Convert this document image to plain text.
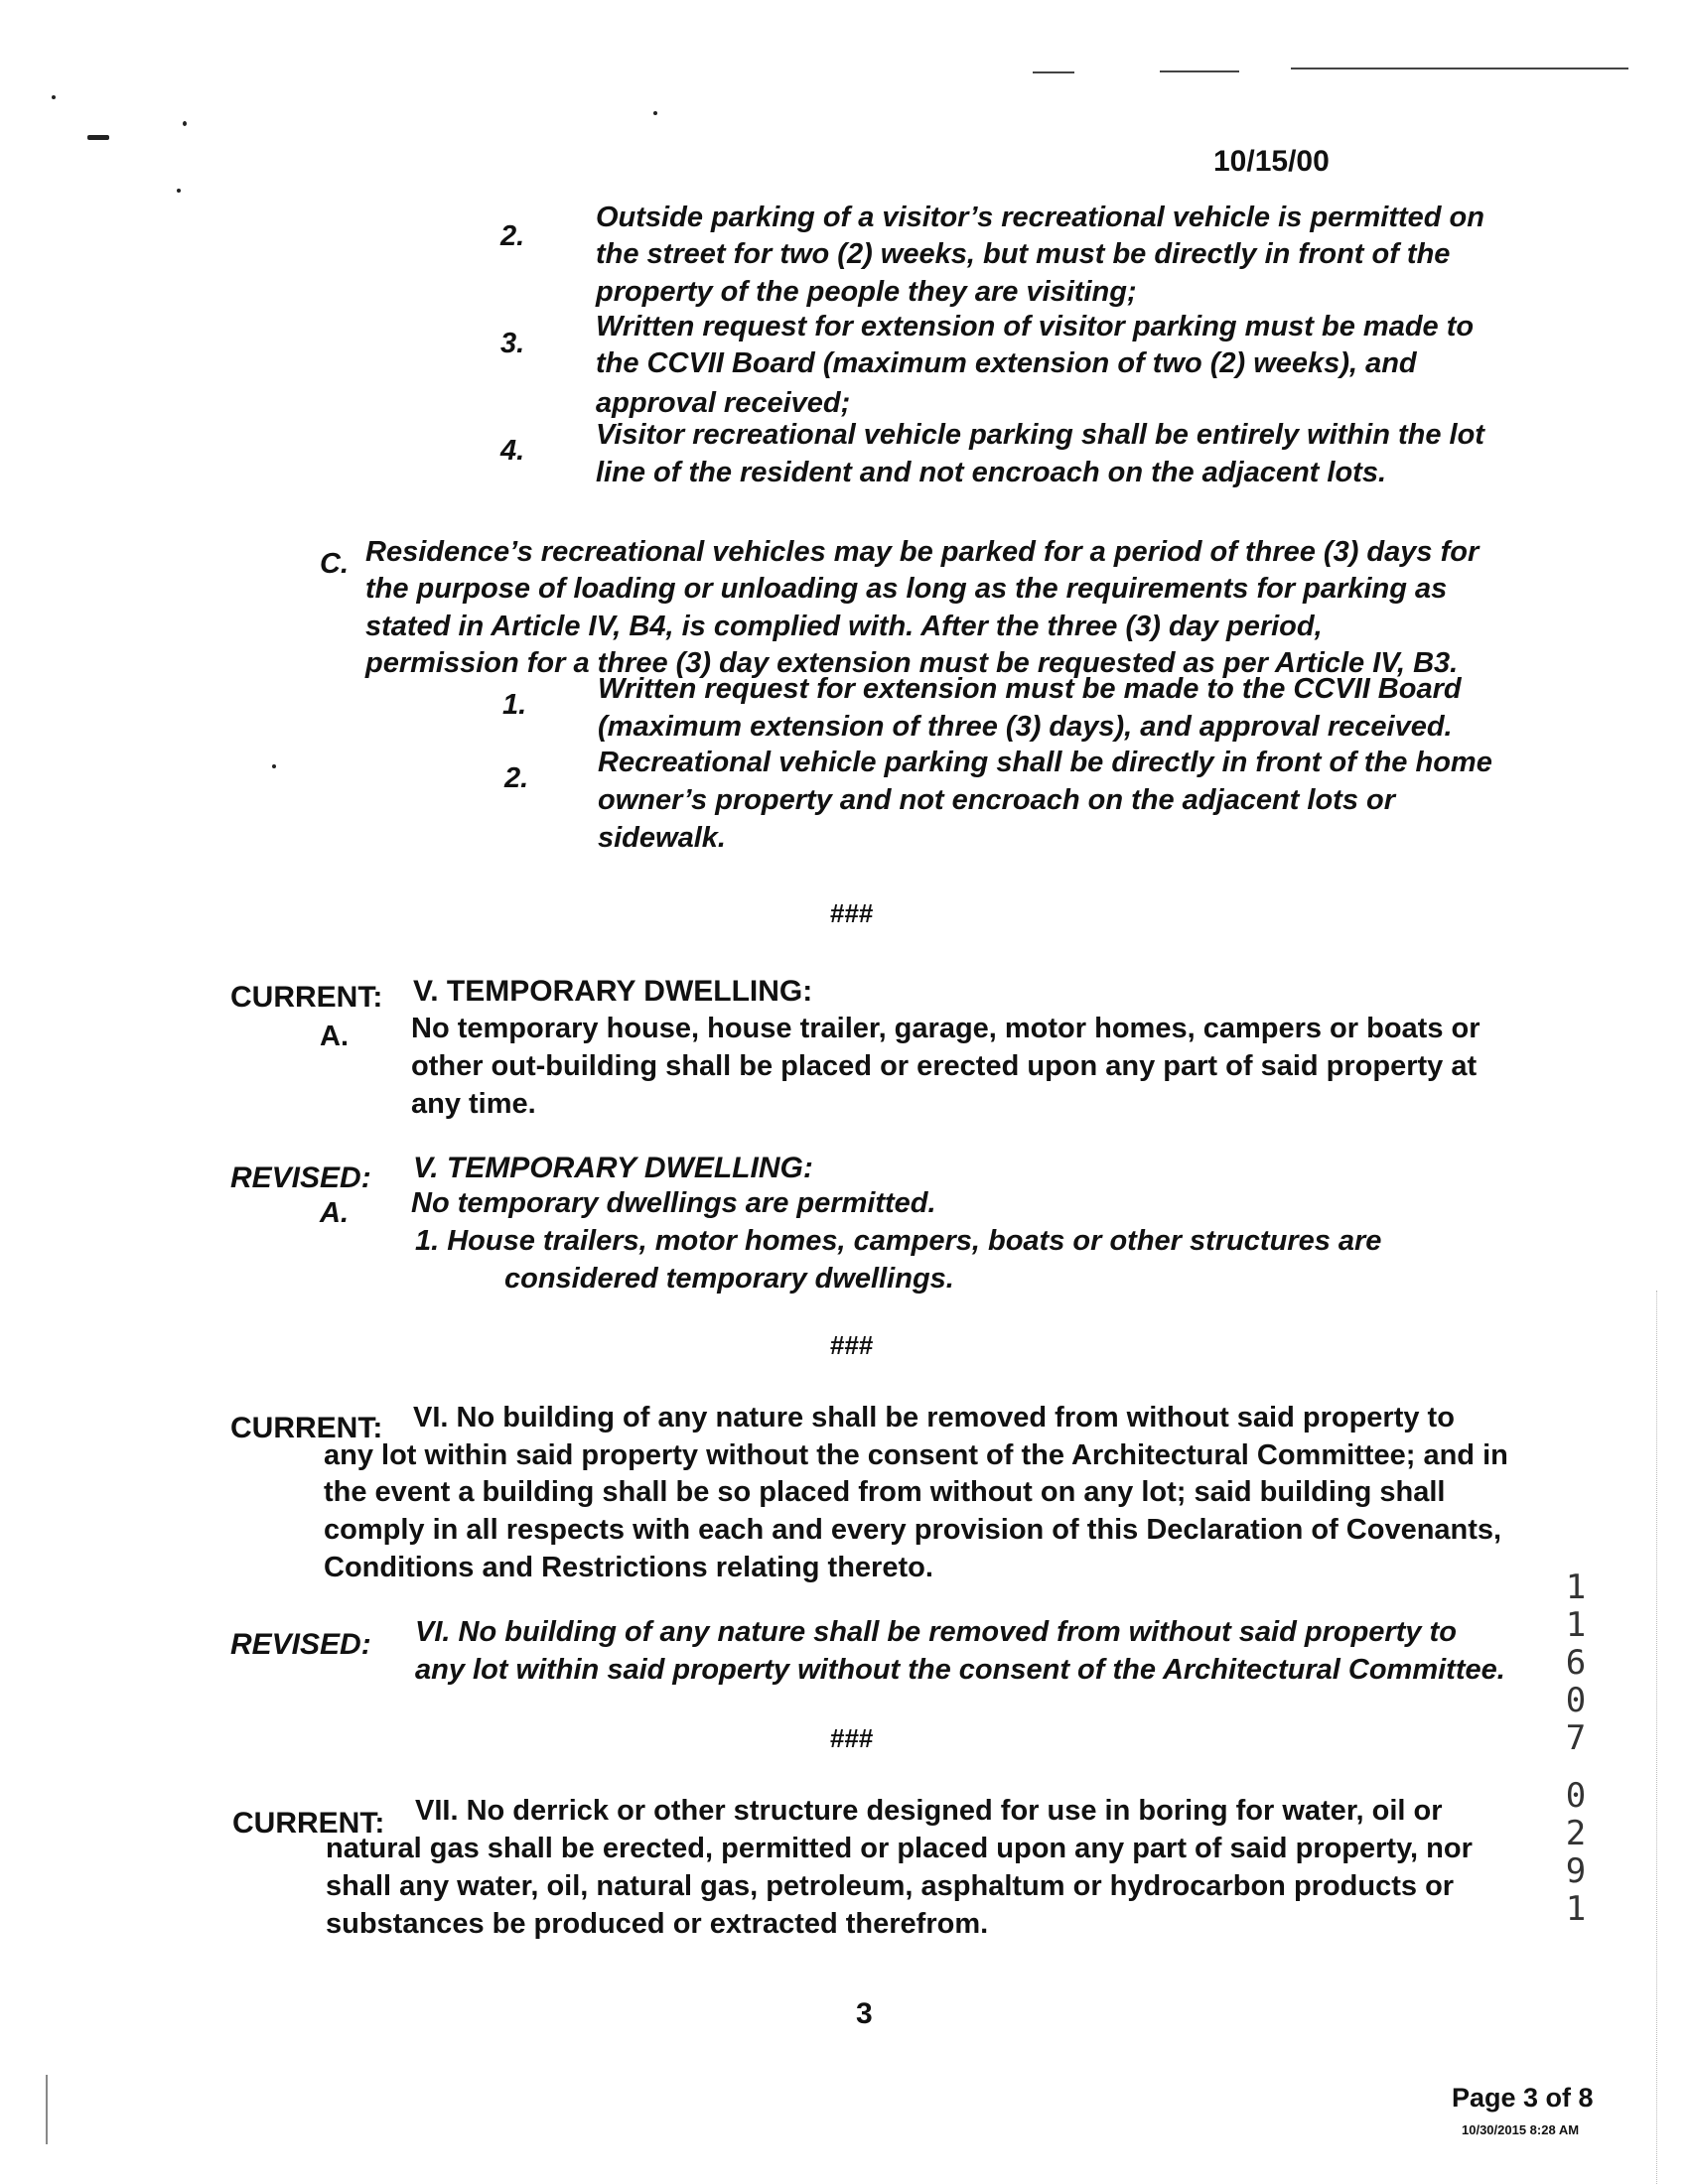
10/15/00
2.
Outside parking of a visitor’s recreational vehicle is permitted on
the street for two (2) weeks, but must be directly in front of the
property of the people they are visiting;
3.
Written request for extension of visitor parking must be made to
the CCVII Board (maximum extension of two (2) weeks), and
approval received;
4. Visitor recreational vehicle parking shall be entirely within the lot
line of the resident and not encroach on the adjacent lots.
C. Residence’s recreational vehicles may be parked for a period of three (3) days for
the purpose of loading or unloading as long as the requirements for parking as
stated in Article IV, B4, is complied with. After the three (3) day period,
permission for a three (3) day extension must be requested as per Article IV, B3.
1. Written request for extension must be made to the CCVII Board
(maximum extension of three (3) days), and approval received.
2. Recreational vehicle parking shall be directly in front of the home
owner’s property and not encroach on the adjacent lots or
sidewalk.
###
CURRENT: V. TEMPORARY DWELLING:
A. No temporary house, house trailer, garage, motor homes, campers or boats or
other out-building shall be placed or erected upon any part of said property at
any time.
REVISED: V. TEMPORARY DWELLING:
A. No temporary dwellings are permitted.
1. House trailers, motor homes, campers, boats or other structures are
considered temporary dwellings.
###
CURRENT: VI. No building of any nature shall be removed from without said property to
any lot within said property without the consent of the Architectural Committee; and in
the event a building shall be so placed from without on any lot; said building shall
comply in all respects with each and every provision of this Declaration of Covenants,
Conditions and Restrictions relating thereto.
REVISED: VI. No building of any nature shall be removed from without said property to
any lot within said property without the consent of the Architectural Committee.
###
CURRENT: VII. No derrick or other structure designed for use in boring for water, oil or
natural gas shall be erected, permitted or placed upon any part of said property, nor
shall any water, oil, natural gas, petroleum, asphaltum or hydrocarbon products or
substances be produced or extracted therefrom.
3
1
1
6
0
7
0
2
9
1
Page 3 of 8
10/30/2015 8:28 AM
